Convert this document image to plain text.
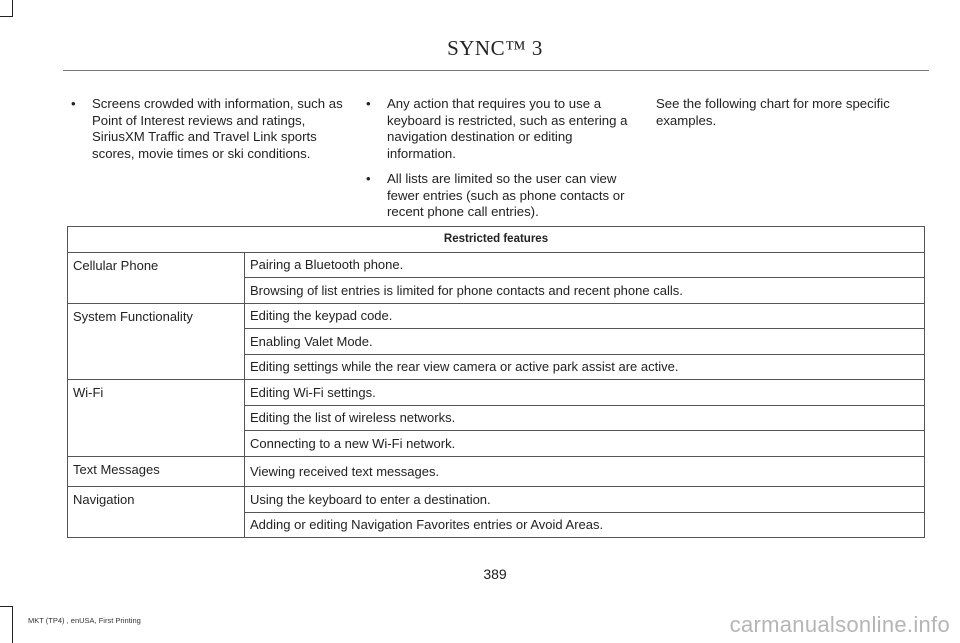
SYNC™ 3
• Screens crowded with information, such as Point of Interest reviews and ratings, SiriusXM Traffic and Travel Link sports scores, movie times or ski conditions.
• Any action that requires you to use a keyboard is restricted, such as entering a navigation destination or editing information.
• All lists are limited so the user can view fewer entries (such as phone contacts or recent phone call entries).

See the following chart for more specific examples.

Restricted features	
Cellular Phone	Pairing a Bluetooth phone.
	Browsing of list entries is limited for phone contacts and recent phone calls.
System Functionality	Editing the keypad code.
	Enabling Valet Mode.
	Editing settings while the rear view camera or active park assist are active.
Wi-Fi	Editing Wi-Fi settings.
	Editing the list of wireless networks.
	Connecting to a new Wi-Fi network.
Text Messages	Viewing received text messages.
Navigation	Using the keyboard to enter a destination.
	Adding or editing Navigation Favorites entries or Avoid Areas.
389
MKT (TP4) , enUSA, First Printing	carmanualsonline.info
